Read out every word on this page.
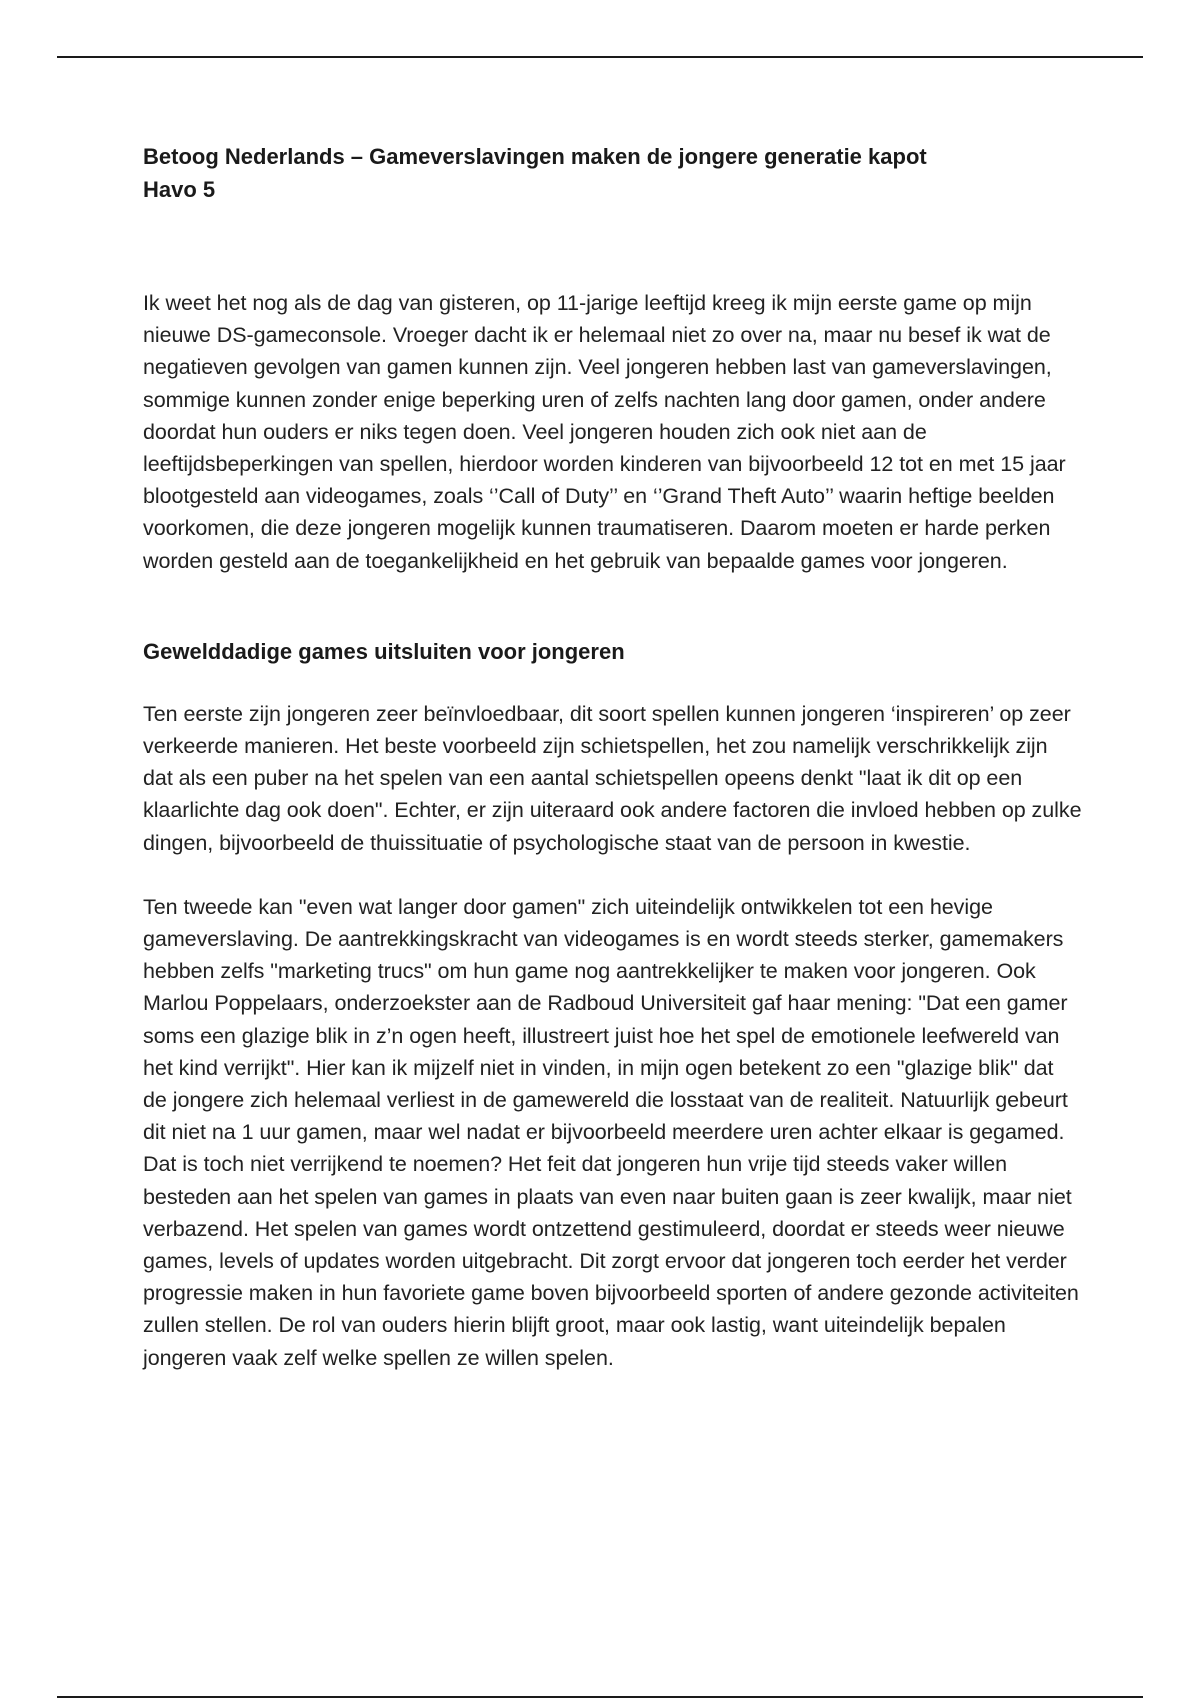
Betoog Nederlands – Gameverslavingen maken de jongere generatie kapot
Havo 5

Ik weet het nog als de dag van gisteren, op 11-jarige leeftijd kreeg ik mijn eerste game op mijn nieuwe DS-gameconsole. Vroeger dacht ik er helemaal niet zo over na, maar nu besef ik wat de negatieven gevolgen van gamen kunnen zijn. Veel jongeren hebben last van gameverslavingen, sommige kunnen zonder enige beperking uren of zelfs nachten lang door gamen, onder andere doordat hun ouders er niks tegen doen. Veel jongeren houden zich ook niet aan de leeftijdsbeperkingen van spellen, hierdoor worden kinderen van bijvoorbeeld 12 tot en met 15 jaar blootgesteld aan videogames, zoals ‘’Call of Duty’’ en ‘’Grand Theft Auto’’ waarin heftige beelden voorkomen, die deze jongeren mogelijk kunnen traumatiseren. Daarom moeten er harde perken worden gesteld aan de toegankelijkheid en het gebruik van bepaalde games voor jongeren.

Gewelddadige games uitsluiten voor jongeren

Ten eerste zijn jongeren zeer beïnvloedbaar, dit soort spellen kunnen jongeren ‘inspireren’ op zeer verkeerde manieren. Het beste voorbeeld zijn schietspellen, het zou namelijk verschrikkelijk zijn dat als een puber na het spelen van een aantal schietspellen opeens denkt "laat ik dit op een klaarlichte dag ook doen". Echter, er zijn uiteraard ook andere factoren die invloed hebben op zulke dingen, bijvoorbeeld de thuissituatie of psychologische staat van de persoon in kwestie.

Ten tweede kan "even wat langer door gamen" zich uiteindelijk ontwikkelen tot een hevige gameverslaving. De aantrekkingskracht van videogames is en wordt steeds sterker, gamemakers hebben zelfs "marketing trucs" om hun game nog aantrekkelijker te maken voor jongeren. Ook Marlou Poppelaars, onderzoekster aan de Radboud Universiteit gaf haar mening: "Dat een gamer soms een glazige blik in z’n ogen heeft, illustreert juist hoe het spel de emotionele leefwereld van het kind verrijkt". Hier kan ik mijzelf niet in vinden, in mijn ogen betekent zo een "glazige blik" dat de jongere zich helemaal verliest in de gamewereld die losstaat van de realiteit. Natuurlijk gebeurt dit niet na 1 uur gamen, maar wel nadat er bijvoorbeeld meerdere uren achter elkaar is gegamed. Dat is toch niet verrijkend te noemen? Het feit dat jongeren hun vrije tijd steeds vaker willen besteden aan het spelen van games in plaats van even naar buiten gaan is zeer kwalijk, maar niet verbazend. Het spelen van games wordt ontzettend gestimuleerd, doordat er steeds weer nieuwe games, levels of updates worden uitgebracht. Dit zorgt ervoor dat jongeren toch eerder het verder progressie maken in hun favoriete game boven bijvoorbeeld sporten of andere gezonde activiteiten zullen stellen. De rol van ouders hierin blijft groot, maar ook lastig, want uiteindelijk bepalen jongeren vaak zelf welke spellen ze willen spelen.
